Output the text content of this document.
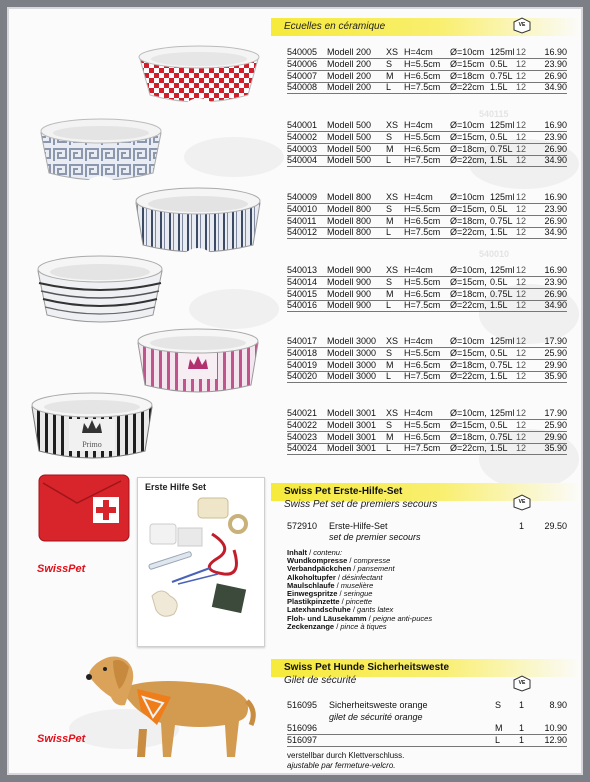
Primo
SwissPet
Erste Hilfe Set
SwissPet
Ecuelles en céramique	VE
540005 Modell 200 XS H=4cm Ø=10cm 125ml 12 16.90
540006 Modell 200 S H=5.5cm Ø=15cm 0.5L 12 23.90
540007 Modell 200 M H=6.5cm Ø=18cm 0.75L 12 26.90
540008 Modell 200 L H=7.5cm Ø=22cm 1.5L 12 34.90
540001 Modell 500 XS H=4cm Ø=10cm 125ml 12 16.90
540002 Modell 500 S H=5.5cm Ø=15cm, 0.5L 12 23.90
540003 Modell 500 M H=6.5cm Ø=18cm, 0.75L 12 26.90
540004 Modell 500 L H=7.5cm Ø=22cm, 1.5L 12 34.90
540009 Modell 800 XS H=4cm Ø=10cm 125ml 12 16.90
540010 Modell 800 S H=5.5cm Ø=15cm, 0.5L 12 23.90
540011 Modell 800 M H=6.5cm Ø=18cm, 0.75L 12 26.90
540012 Modell 800 L H=7.5cm Ø=22cm, 1.5L 12 34.90
540013 Modell 900 XS H=4cm Ø=10cm, 125ml 12 16.90
540014 Modell 900 S H=5.5cm Ø=15cm, 0.5L 12 23.90
540015 Modell 900 M H=6.5cm Ø=18cm, 0.75L 12 26.90
540016 Modell 900 L H=7.5cm Ø=22cm, 1.5L 12 34.90
540017 Modell 3000 XS H=4cm Ø=10cm 125ml 12 17.90
540018 Modell 3000 S H=5.5cm Ø=15cm, 0.5L 12 25.90
540019 Modell 3000 M H=6.5cm Ø=18cm, 0.75L 12 29.90
540020 Modell 3000 L H=7.5cm Ø=22cm, 1.5L 12 35.90
540021 Modell 3001 XS H=4cm Ø=10cm, 125ml 12 17.90
540022 Modell 3001 S H=5.5cm Ø=15cm, 0.5L 12 25.90
540023 Modell 3001 M H=6.5cm Ø=18cm, 0.75L 12 29.90
540024 Modell 3001 L H=7.5cm Ø=22cm, 1.5L 12 35.90
540115
540010
Swiss Pet Erste-Hilfe-Set
Swiss Pet set de premiers secours	VE
572910 Erste-Hilfe-Set	1 29.50
set de premier secours
Inhalt / contenu:
Wundkompresse / compresse
Verbandpäckchen / pansement
Alkoholtupfer / désinfectant
Maulschlaufe / muselière
Einwegspritze / seringue
Plastikpinzette / pincette
Latexhandschuhe / gants latex
Floh- und Läusekamm / peigne anti-puces
Zeckenzange / pince à tiques
Swiss Pet Hunde Sicherheitsweste
Gilet de sécurité	VE
516095 Sicherheitsweste orange	S 1	8.90
516096	M 1 10.90
516097	L 1 12.90
gilet de sécurité orange
verstellbar durch Klettverschluss.
ajustable par fermeture-velcro.
